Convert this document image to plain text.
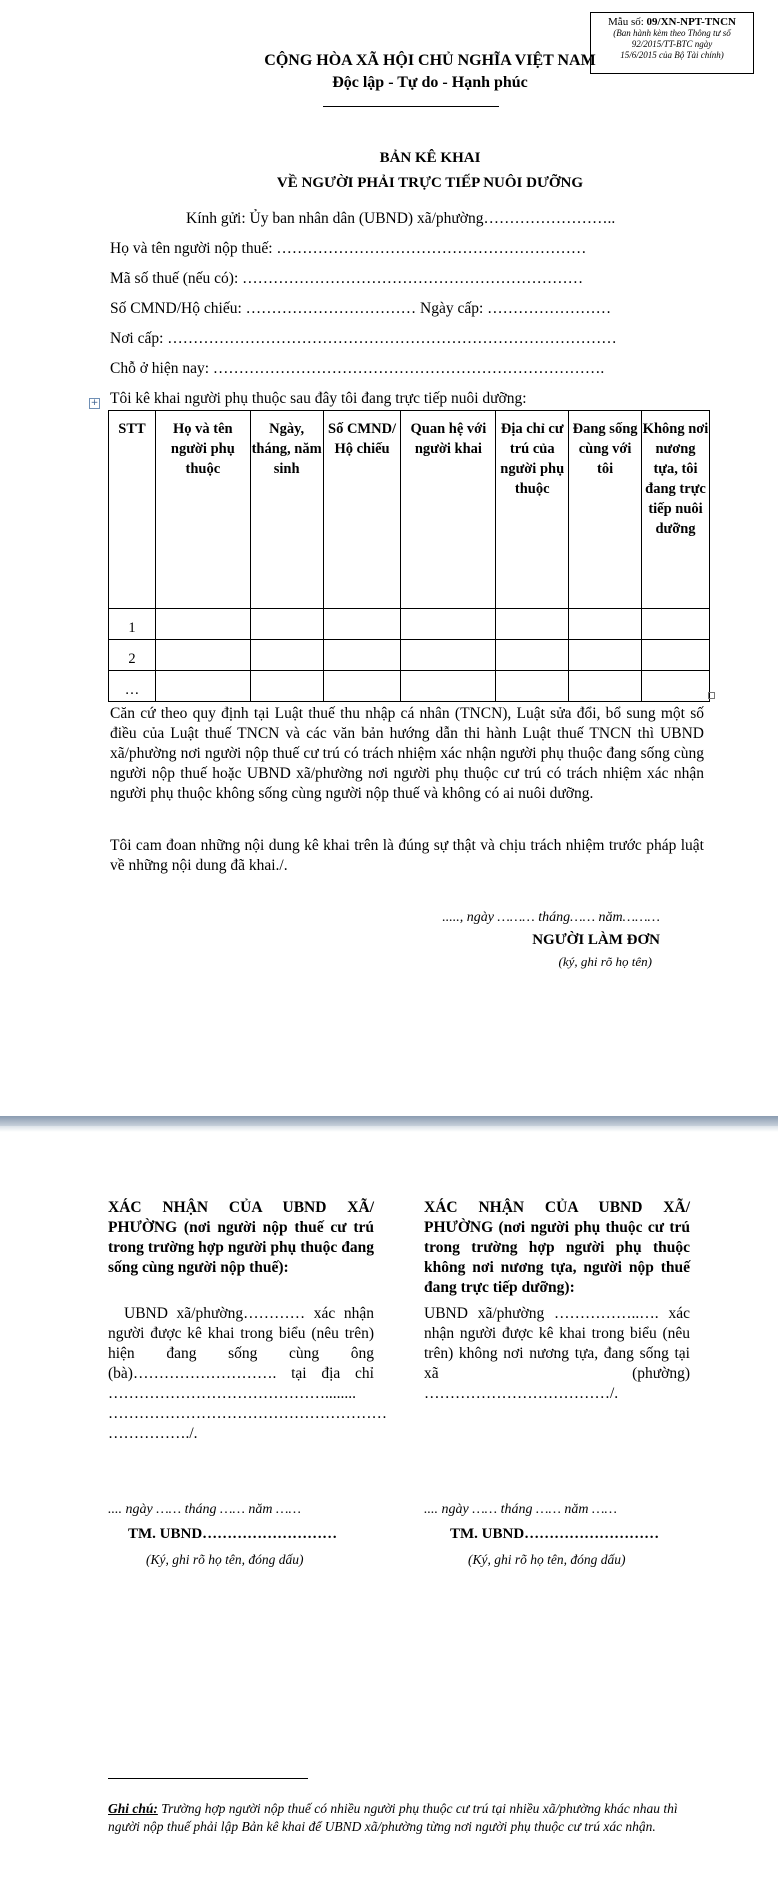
Mẫu số: 09/XN-NPT-TNCN
(Ban hành kèm theo Thông tư số
92/2015/TT-BTC ngày
15/6/2015 của Bộ Tài chính)
CỘNG HÒA XÃ HỘI CHỦ NGHĨA VIỆT NAM
Độc lập - Tự do - Hạnh phúc
BẢN KÊ KHAI
VỀ NGƯỜI PHẢI TRỰC TIẾP NUÔI DƯỠNG
Kính gửi: Ủy ban nhân dân (UBND) xã/phường……………………..
Họ và tên người nộp thuế: ……………………………………………………
Mã số thuế (nếu có): …………………………………………………………
Số CMND/Hộ chiếu: …………………………… Ngày cấp: ……………………
Nơi cấp: ……………………………………………………………………………
Chỗ ở hiện nay: ………………………………………………………………….
Tôi kê khai người phụ thuộc sau đây tôi đang trực tiếp nuôi dưỡng:
+
STT	Họ và tên người phụ thuộc	Ngày, tháng, năm sinh	Số CMND/ Hộ chiếu	Quan hệ với người khai	Địa chỉ cư trú của người phụ thuộc	Đang sống cùng với tôi	Không nơi nương tựa, tôi đang trực tiếp nuôi dưỡng
1							
2							
…							
Căn cứ theo quy định tại Luật thuế thu nhập cá nhân (TNCN), Luật sửa đổi, bổ sung một số điều của Luật thuế TNCN và các văn bản hướng dẫn thi hành Luật thuế TNCN thì UBND xã/phường nơi người nộp thuế cư trú có trách nhiệm xác nhận người phụ thuộc đang sống cùng người nộp thuế hoặc UBND xã/phường nơi người phụ thuộc cư trú có trách nhiệm xác nhận người phụ thuộc không sống cùng người nộp thuế và không có ai nuôi dưỡng.
Tôi cam đoan những nội dung kê khai trên là đúng sự thật và chịu trách nhiệm trước pháp luật về những nội dung đã khai./.
....., ngày ……… tháng…… năm………
NGƯỜI LÀM ĐƠN
(ký, ghi rõ họ tên)
XÁC NHẬN CỦA UBND XÃ/ PHƯỜNG (nơi người nộp thuế cư trú trong trường hợp người phụ thuộc đang sống cùng người nộp thuế):
UBND xã/phường………… xác nhận người được kê khai trong biểu (nêu trên) hiện đang sống cùng ông (bà)………………………. tại địa chỉ ……………………………………........ ……………………………………………… ……………./.
.... ngày …… tháng …… năm ……
TM. UBND………………………
(Ký, ghi rõ họ tên, đóng dấu)
XÁC NHẬN CỦA UBND XÃ/ PHƯỜNG (nơi người phụ thuộc cư trú trong trường hợp người phụ thuộc không nơi nương tựa, người nộp thuế đang trực tiếp dưỡng):
UBND xã/phường ……………..…. xác nhận người được kê khai trong biểu (nêu trên) không nơi nương tựa, đang sống tại xã (phường) ………………………………/.
.... ngày …… tháng …… năm ……
TM. UBND………………………
(Ký, ghi rõ họ tên, đóng dấu)
Ghi chú: Trường hợp người nộp thuế có nhiều người phụ thuộc cư trú tại nhiều xã/phường khác nhau thì người nộp thuế phải lập Bản kê khai để UBND xã/phường từng nơi người phụ thuộc cư trú xác nhận.
